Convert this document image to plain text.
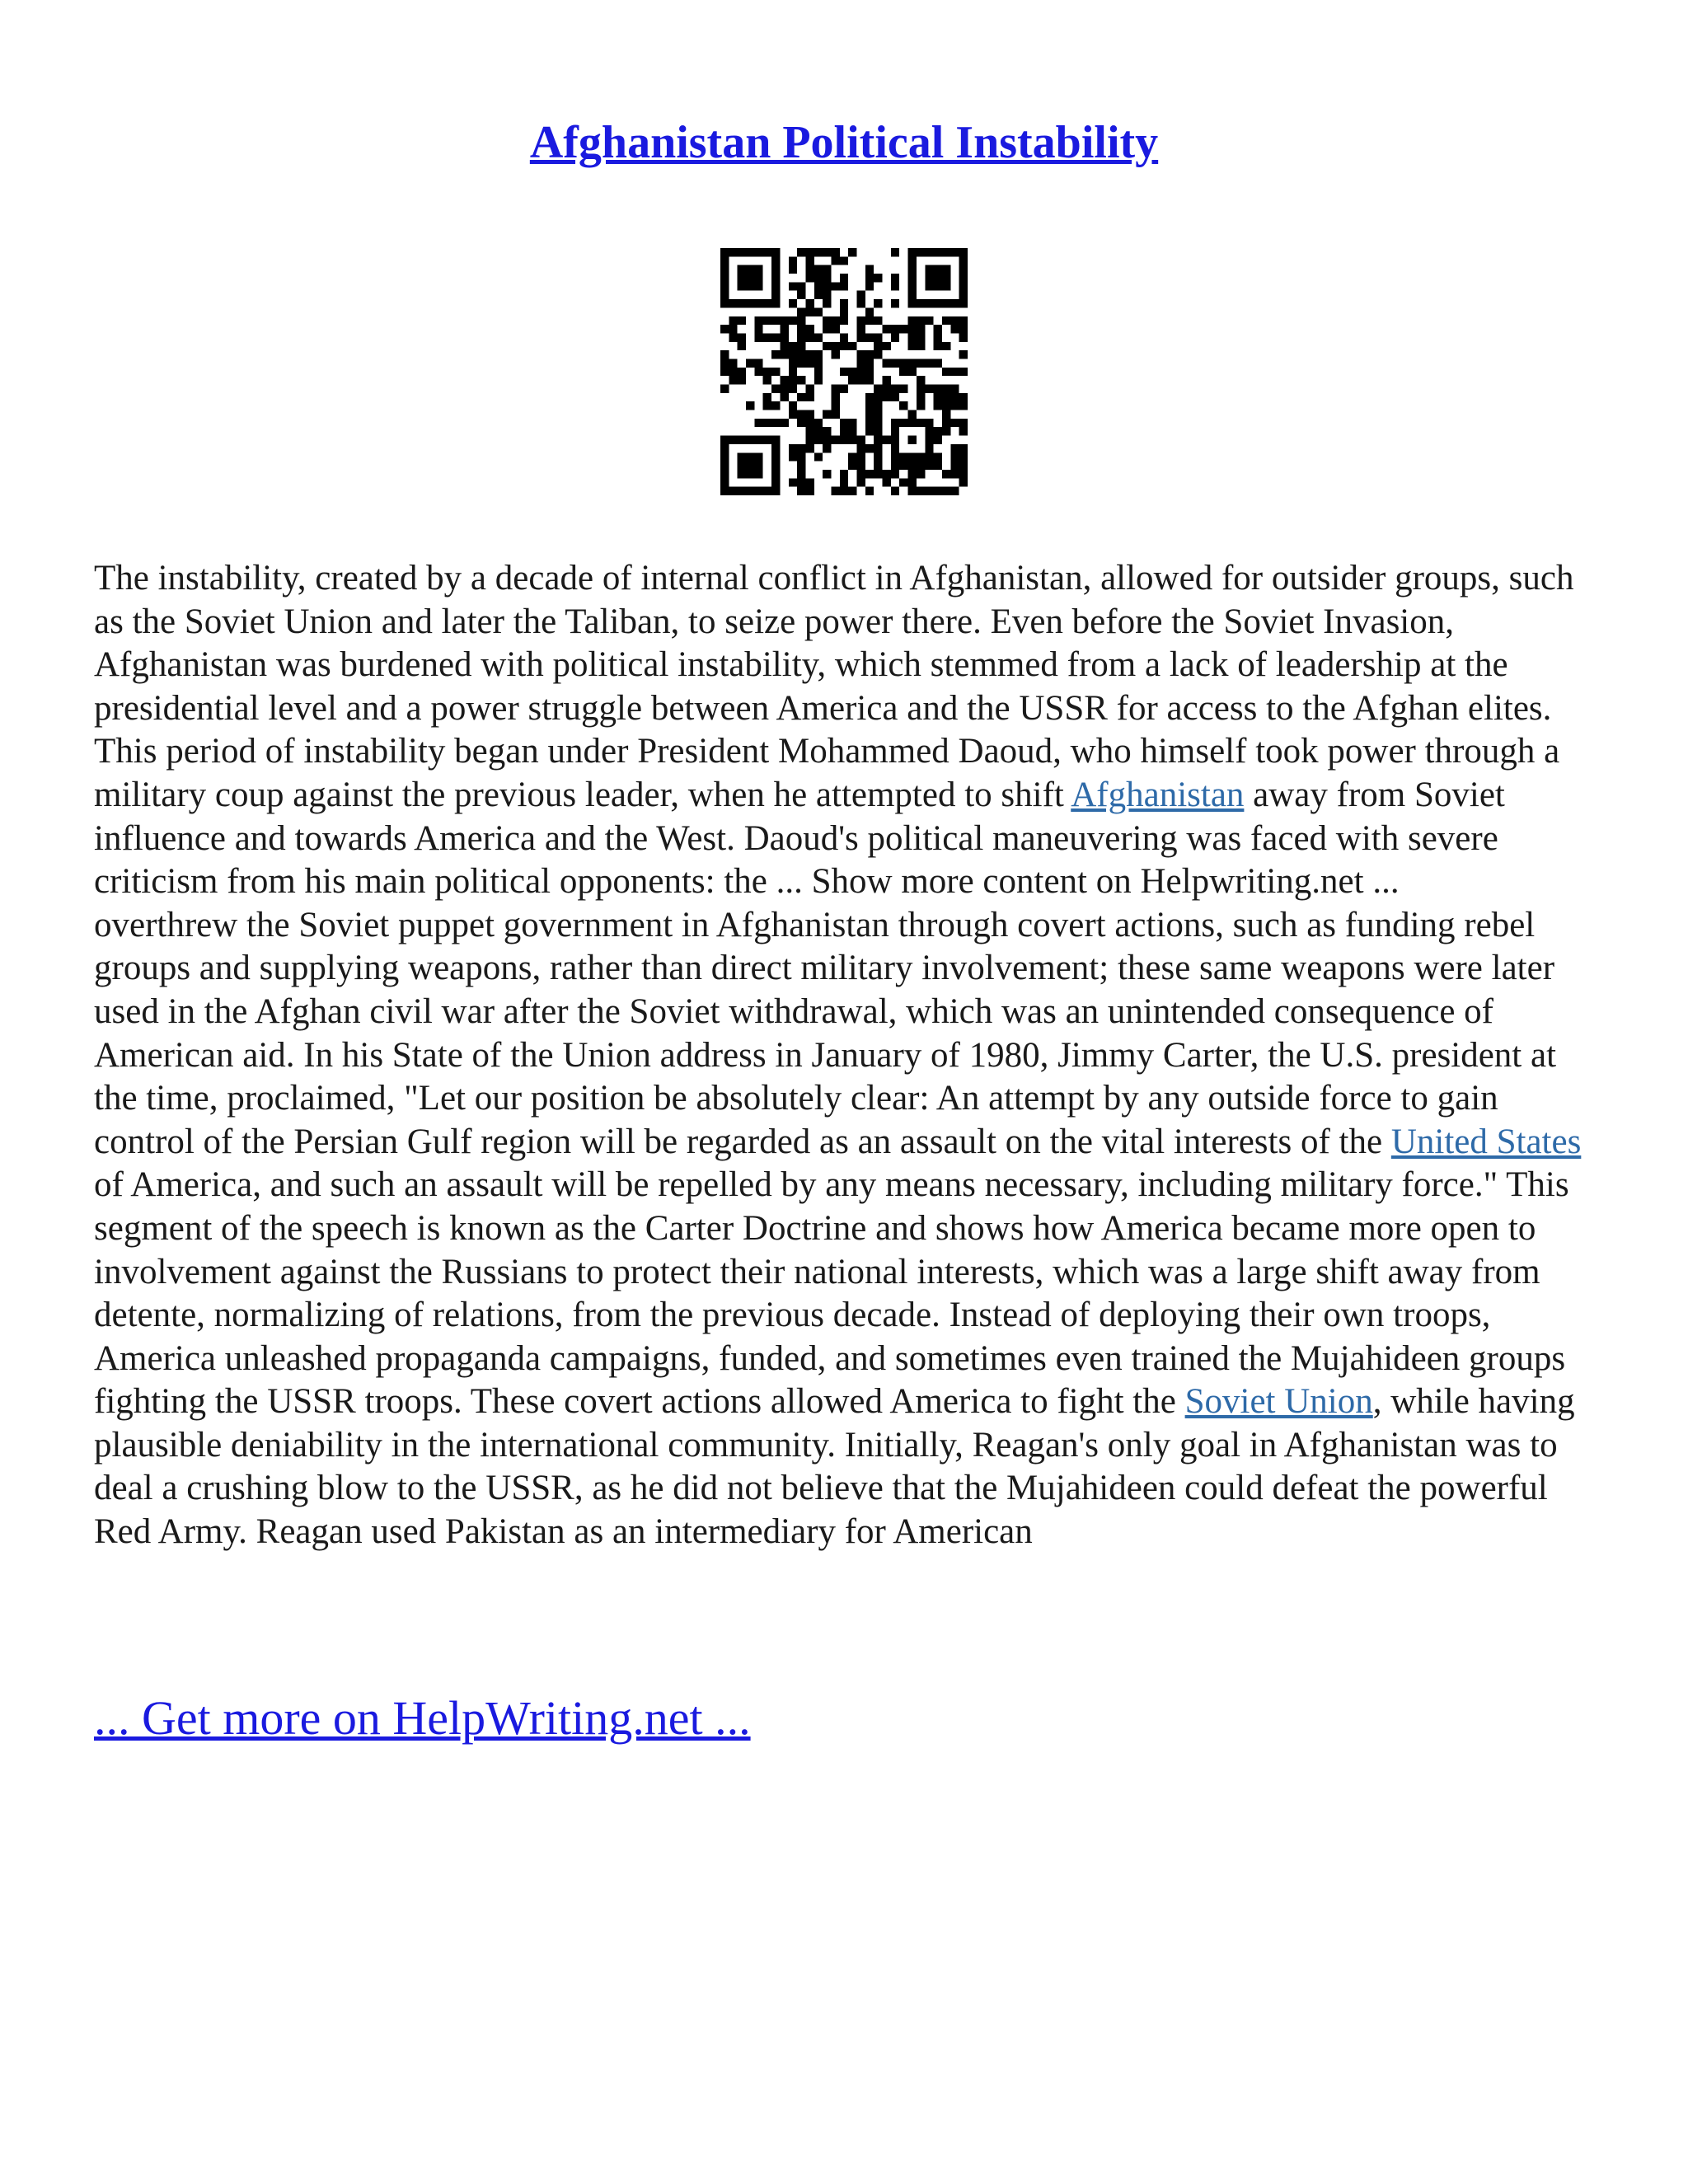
Afghanistan Political Instability

The instability, created by a decade of internal conflict in Afghanistan, allowed for outsider groups, such as the Soviet Union and later the Taliban, to seize power there. Even before the Soviet Invasion, Afghanistan was burdened with political instability, which stemmed from a lack of leadership at the presidential level and a power struggle between America and the USSR for access to the Afghan elites. This period of instability began under President Mohammed Daoud, who himself took power through a military coup against the previous leader, when he attempted to shift Afghanistan away from Soviet influence and towards America and the West. Daoud's political maneuvering was faced with severe criticism from his main political opponents: the ... Show more content on Helpwriting.net ...

overthrew the Soviet puppet government in Afghanistan through covert actions, such as funding rebel groups and supplying weapons, rather than direct military involvement; these same weapons were later used in the Afghan civil war after the Soviet withdrawal, which was an unintended consequence of American aid. In his State of the Union address in January of 1980, Jimmy Carter, the U.S. president at the time, proclaimed, "Let our position be absolutely clear: An attempt by any outside force to gain control of the Persian Gulf region will be regarded as an assault on the vital interests of the United States of America, and such an assault will be repelled by any means necessary, including military force." This segment of the speech is known as the Carter Doctrine and shows how America became more open to involvement against the Russians to protect their national interests, which was a large shift away from detente, normalizing of relations, from the previous decade. Instead of deploying their own troops, America unleashed propaganda campaigns, funded, and sometimes even trained the Mujahideen groups fighting the USSR troops. These covert actions allowed America to fight the Soviet Union, while having plausible deniability in the international community. Initially, Reagan's only goal in Afghanistan was to deal a crushing blow to the USSR, as he did not believe that the Mujahideen could defeat the powerful Red Army. Reagan used Pakistan as an intermediary for American

... Get more on HelpWriting.net ...
